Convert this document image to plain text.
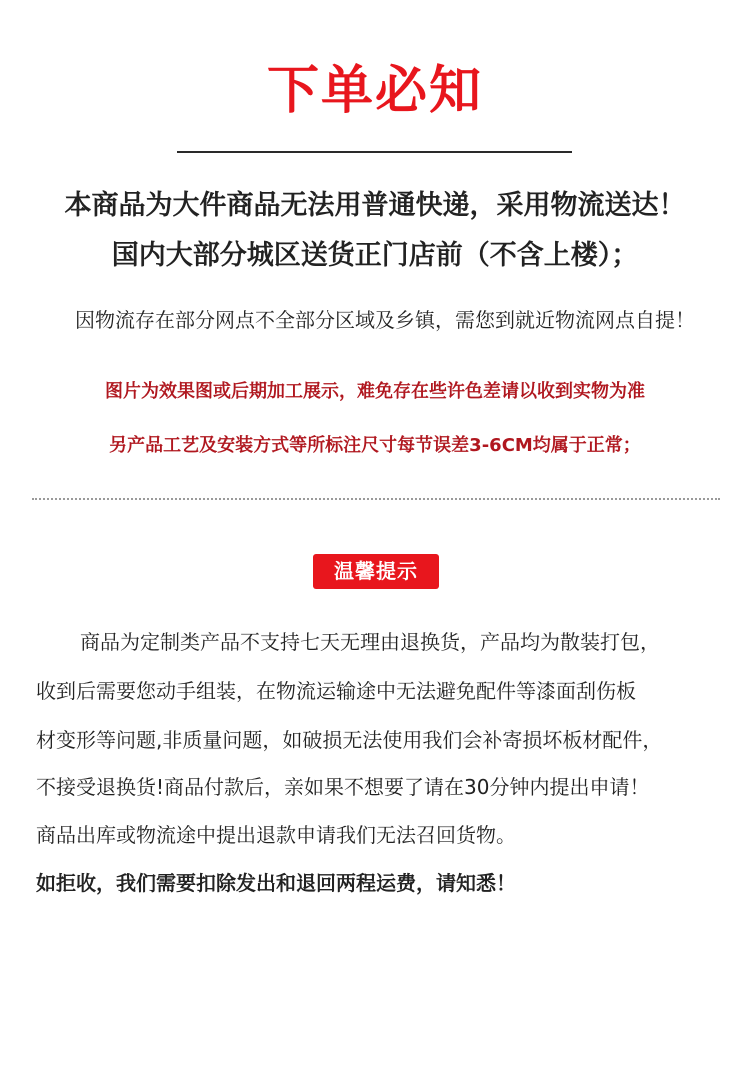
下单必知
本商品为大件商品无法用普通快递，采用物流送达！
国内大部分城区送货正门店前（不含上楼）；
因物流存在部分网点不全部分区域及乡镇，需您到就近物流网点自提！
图片为效果图或后期加工展示，难免存在些许色差请以收到实物为准
另产品工艺及安装方式等所标注尺寸每节误差3-6CM均属于正常；
温馨提示
商品为定制类产品不支持七天无理由退换货，产品均为散装打包，
收到后需要您动手组装，在物流运输途中无法避免配件等漆面刮伤板
材变形等问题,非质量问题，如破损无法使用我们会补寄损坏板材配件，
不接受退换货!商品付款后，亲如果不想要了请在30分钟内提出申请！
商品出库或物流途中提出退款申请我们无法召回货物。
如拒收，我们需要扣除发出和退回两程运费，请知悉！
